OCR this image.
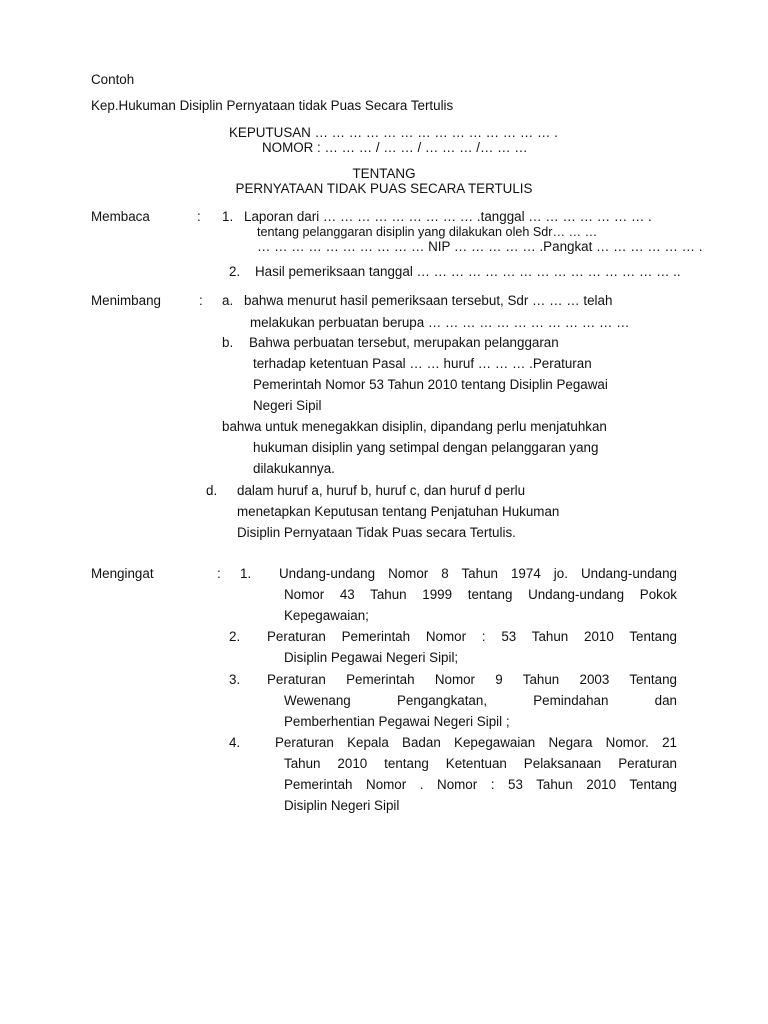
Contoh
Kep.Hukuman Disiplin Pernyataan tidak Puas Secara Tertulis
KEPUTUSAN … … … … … … … … … … … … … … .
NOMOR : … … … / … … / … … … /… … …
TENTANG
PERNYATAAN TIDAK PUAS SECARA TERTULIS
Membaca	: 1. Laporan dari … … … … … … … … … .tanggal … … … … … … … .
tentang pelanggaran disiplin yang dilakukan oleh Sdr… … …
… … … … … … … … … … NIP … … … … … .Pangkat … … … … … … .
2. Hasil pemeriksaan tanggal … … … … … … … … … … … … … … … ..
Menimbang	: a. bahwa menurut hasil pemeriksaan tersebut, Sdr … … … telah
melakukan perbuatan berupa … … … … … … … … … … … …
b. Bahwa perbuatan tersebut, merupakan pelanggaran
terhadap ketentuan Pasal … … huruf … … … .Peraturan
Pemerintah Nomor 53 Tahun 2010 tentang Disiplin Pegawai
Negeri Sipil
bahwa untuk menegakkan disiplin, dipandang perlu menjatuhkan
hukuman disiplin yang setimpal dengan pelanggaran yang
dilakukannya.
d. dalam huruf a, huruf b, huruf c, dan huruf d perlu
menetapkan Keputusan tentang Penjatuhan Hukuman
Disiplin Pernyataan Tidak Puas secara Tertulis.
Mengingat	: 1. Undang-undang Nomor 8 Tahun 1974 jo. Undang-undang
Nomor 43 Tahun 1999 tentang Undang-undang Pokok
Kepegawaian;
2. Peraturan Pemerintah Nomor : 53 Tahun 2010 Tentang
Disiplin Pegawai Negeri Sipil;
3. Peraturan Pemerintah Nomor 9 Tahun 2003 Tentang
Wewenang Pengangkatan, Pemindahan dan
Pemberhentian Pegawai Negeri Sipil ;
4.	Peraturan Kepala Badan Kepegawaian Negara Nomor. 21
Tahun 2010 tentang Ketentuan Pelaksanaan Peraturan
Pemerintah Nomor . Nomor : 53 Tahun 2010 Tentang
Disiplin Negeri Sipil
